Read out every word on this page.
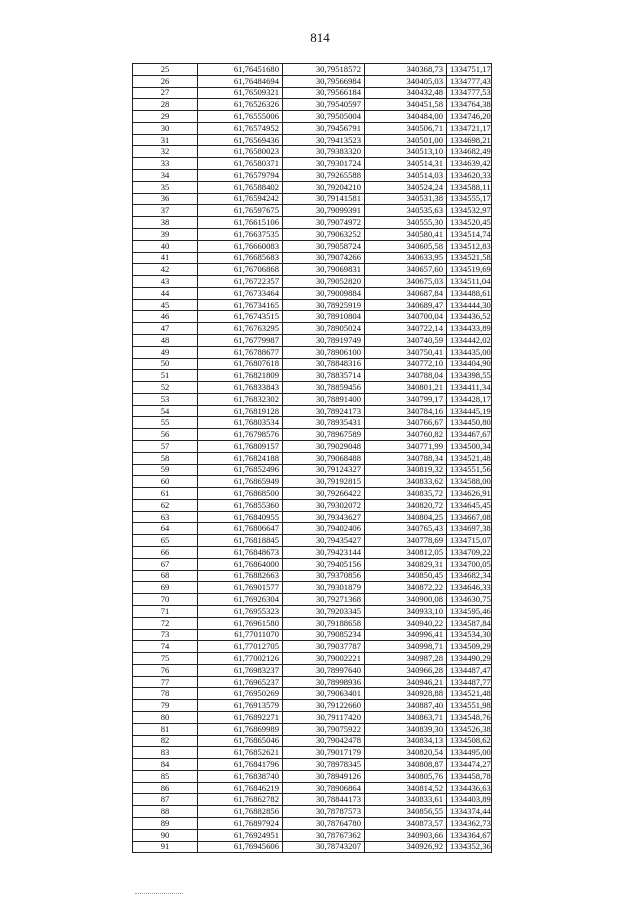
814
25	61,76451680	30,79518572	340368,73	1334751,17
26	61,76484694	30,79566984	340405,03	1334777,43
27	61,76509321	30,79566184	340432,48	1334777,53
28	61,76526326	30,79540597	340451,58	1334764,38
29	61,76555006	30,79505004	340484,00	1334746,20
30	61,76574952	30,79456791	340506,71	1334721,17
31	61,76569436	30,79413523	340501,00	1334698,21
32	61,76580023	30,79383320	340513,10	1334682,49
33	61,76580371	30,79301724	340514,31	1334639,42
34	61,76579794	30,79265588	340514,03	1334620,33
35	61,76588402	30,79204210	340524,24	1334588,11
36	61,76594242	30,79141581	340531,38	1334555,17
37	61,76597675	30,79099391	340535,63	1334532,97
38	61,76615106	30,79074972	340555,30	1334520,45
39	61,76637535	30,79063252	340580,41	1334514,74
40	61,76660083	30,79058724	340605,58	1334512,83
41	61,76685683	30,79074266	340633,95	1334521,58
42	61,76706868	30,79069831	340657,60	1334519,69
43	61,76722357	30,79052820	340675,03	1334511,04
44	61,76733464	30,79009884	340687,84	1334488,61
45	61,76734165	30,78925919	340689,47	1334444,30
46	61,76743515	30,78910804	340700,04	1334436,52
47	61,76763295	30,78905024	340722,14	1334433,89
48	61,76779987	30,78919749	340740,59	1334442,02
49	61,76788677	30,78906100	340750,41	1334435,00
50	61,76807618	30,78848316	340772,10	1334404,90
51	61,76821809	30,78835714	340788,04	1334398,55
52	61,76833843	30,78859456	340801,21	1334411,34
53	61,76832302	30,78891400	340799,17	1334428,17
54	61,76819128	30,78924173	340784,16	1334445,19
55	61,76803534	30,78935431	340766,67	1334450,80
56	61,76798576	30,78967589	340760,82	1334467,67
57	61,76809157	30,79029048	340771,99	1334500,34
58	61,76824188	30,79068488	340788,34	1334521,48
59	61,76852496	30,79124327	340819,32	1334551,56
60	61,76865949	30,79192815	340833,62	1334588,00
61	61,76868500	30,79266422	340835,72	1334626,91
62	61,76855360	30,79302072	340820,72	1334645,45
63	61,76840955	30,79343627	340804,25	1334667,08
64	61,76806647	30,79402406	340765,43	1334697,38
65	61,76818845	30,79435427	340778,69	1334715,07
66	61,76848673	30,79423144	340812,05	1334709,22
67	61,76864000	30,79405156	340829,31	1334700,05
68	61,76882663	30,79370856	340850,45	1334682,34
69	61,76901577	30,79301879	340872,22	1334646,33
70	61,76926304	30,79271368	340900,08	1334630,75
71	61,76955323	30,79203345	340933,10	1334595,46
72	61,76961580	30,79188658	340940,22	1334587,84
73	61,77011070	30,79085234	340996,41	1334534,30
74	61,77012705	30,79037787	340998,71	1334509,29
75	61,77002126	30,79002221	340987,28	1334490,29
76	61,76983237	30,78997640	340966,28	1334487,47
77	61,76965237	30,78998936	340946,21	1334487,77
78	61,76950269	30,79063401	340928,88	1334521,48
79	61,76913579	30,79122660	340887,40	1334551,98
80	61,76892271	30,79117420	340863,71	1334548,76
81	61,76869989	30,79075922	340839,30	1334526,38
82	61,76865046	30,79042478	340834,13	1334508,62
83	61,76852621	30,79017179	340820,54	1334495,00
84	61,76841796	30,78978345	340808,87	1334474,27
85	61,76838740	30,78949126	340805,76	1334458,78
86	61,76846219	30,78906864	340814,52	1334436,63
87	61,76862782	30,78844173	340833,61	1334403,89
88	61,76882856	30,78787573	340856,55	1334374,44
89	61,76897924	30,78764780	340873,57	1334362,73
90	61,76924951	30,78767362	340903,66	1334364,67
91	61,76945606	30,78743207	340926,92	1334352,36
